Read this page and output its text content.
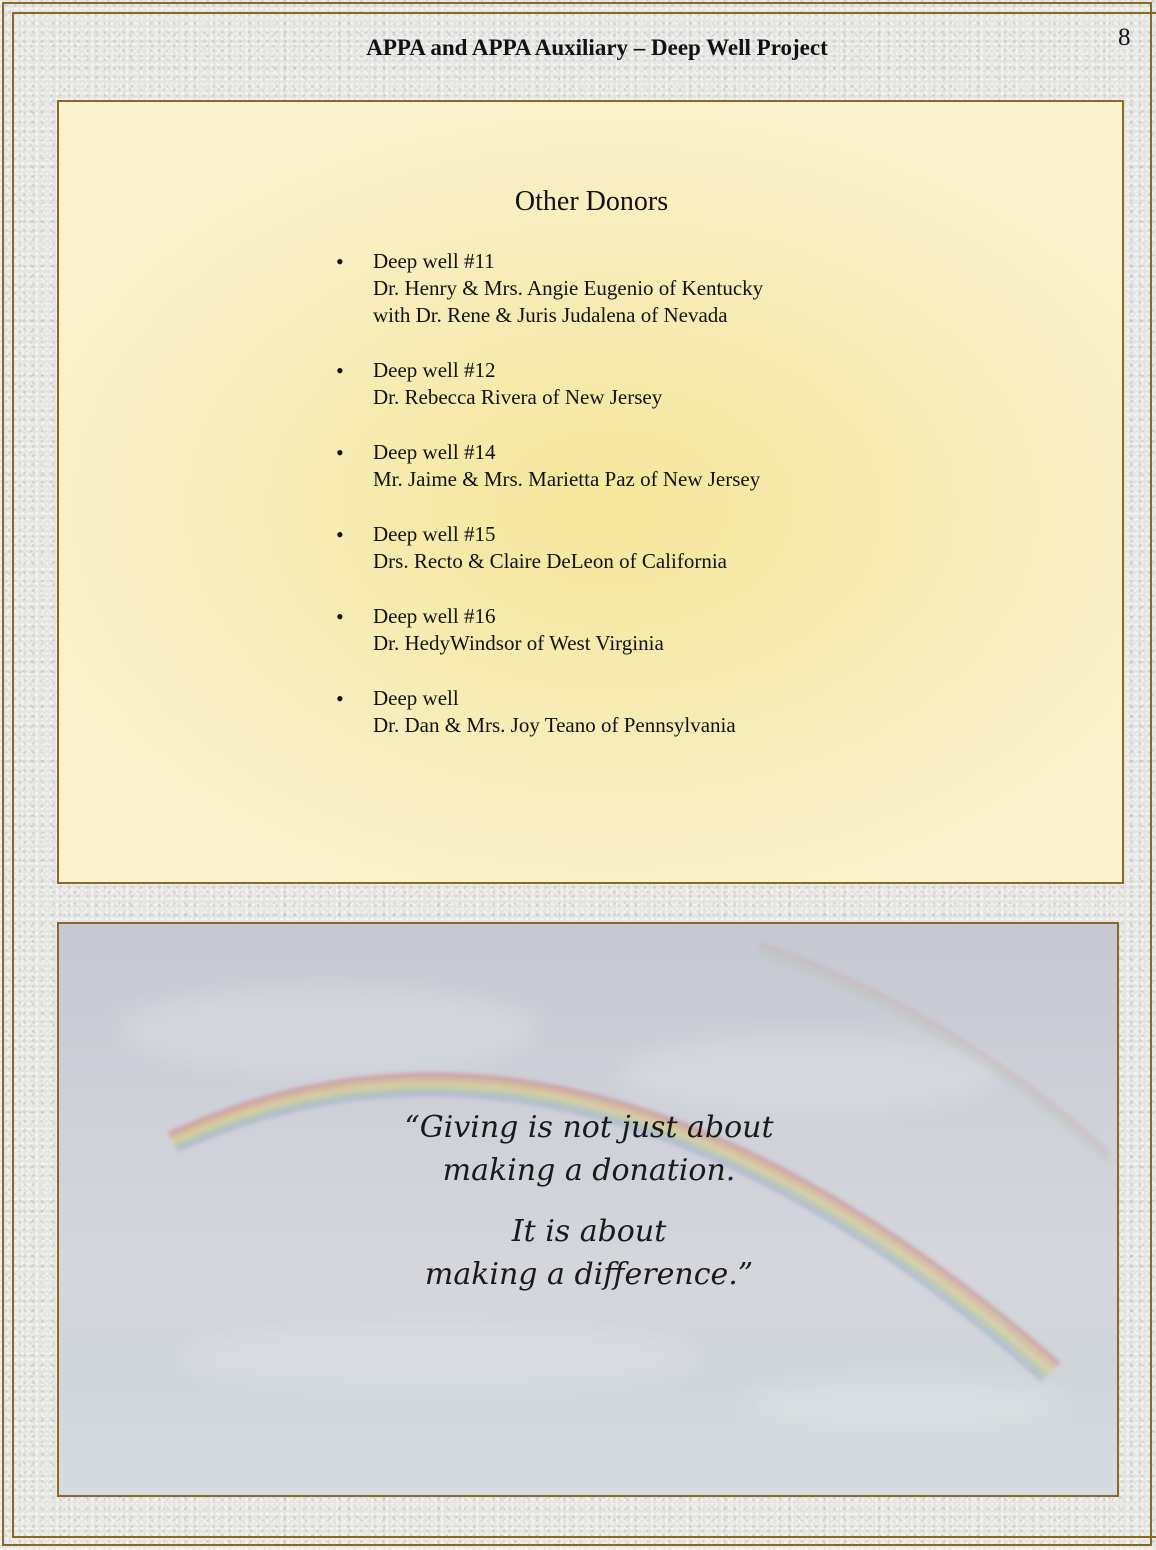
APPA and APPA Auxiliary – Deep Well Project	8
Other Donors
• Deep well #11
Dr. Henry & Mrs. Angie Eugenio of Kentucky
with Dr. Rene & Juris Judalena of Nevada
• Deep well #12
Dr. Rebecca Rivera of New Jersey
• Deep well #14
Mr. Jaime & Mrs. Marietta Paz of New Jersey
• Deep well #15
Drs. Recto & Claire DeLeon of California
• Deep well #16
Dr. HedyWindsor of West Virginia
• Deep well
Dr. Dan & Mrs. Joy Teano of Pennsylvania
“Giving is not just about
making a donation.
It is about
making a difference.”
